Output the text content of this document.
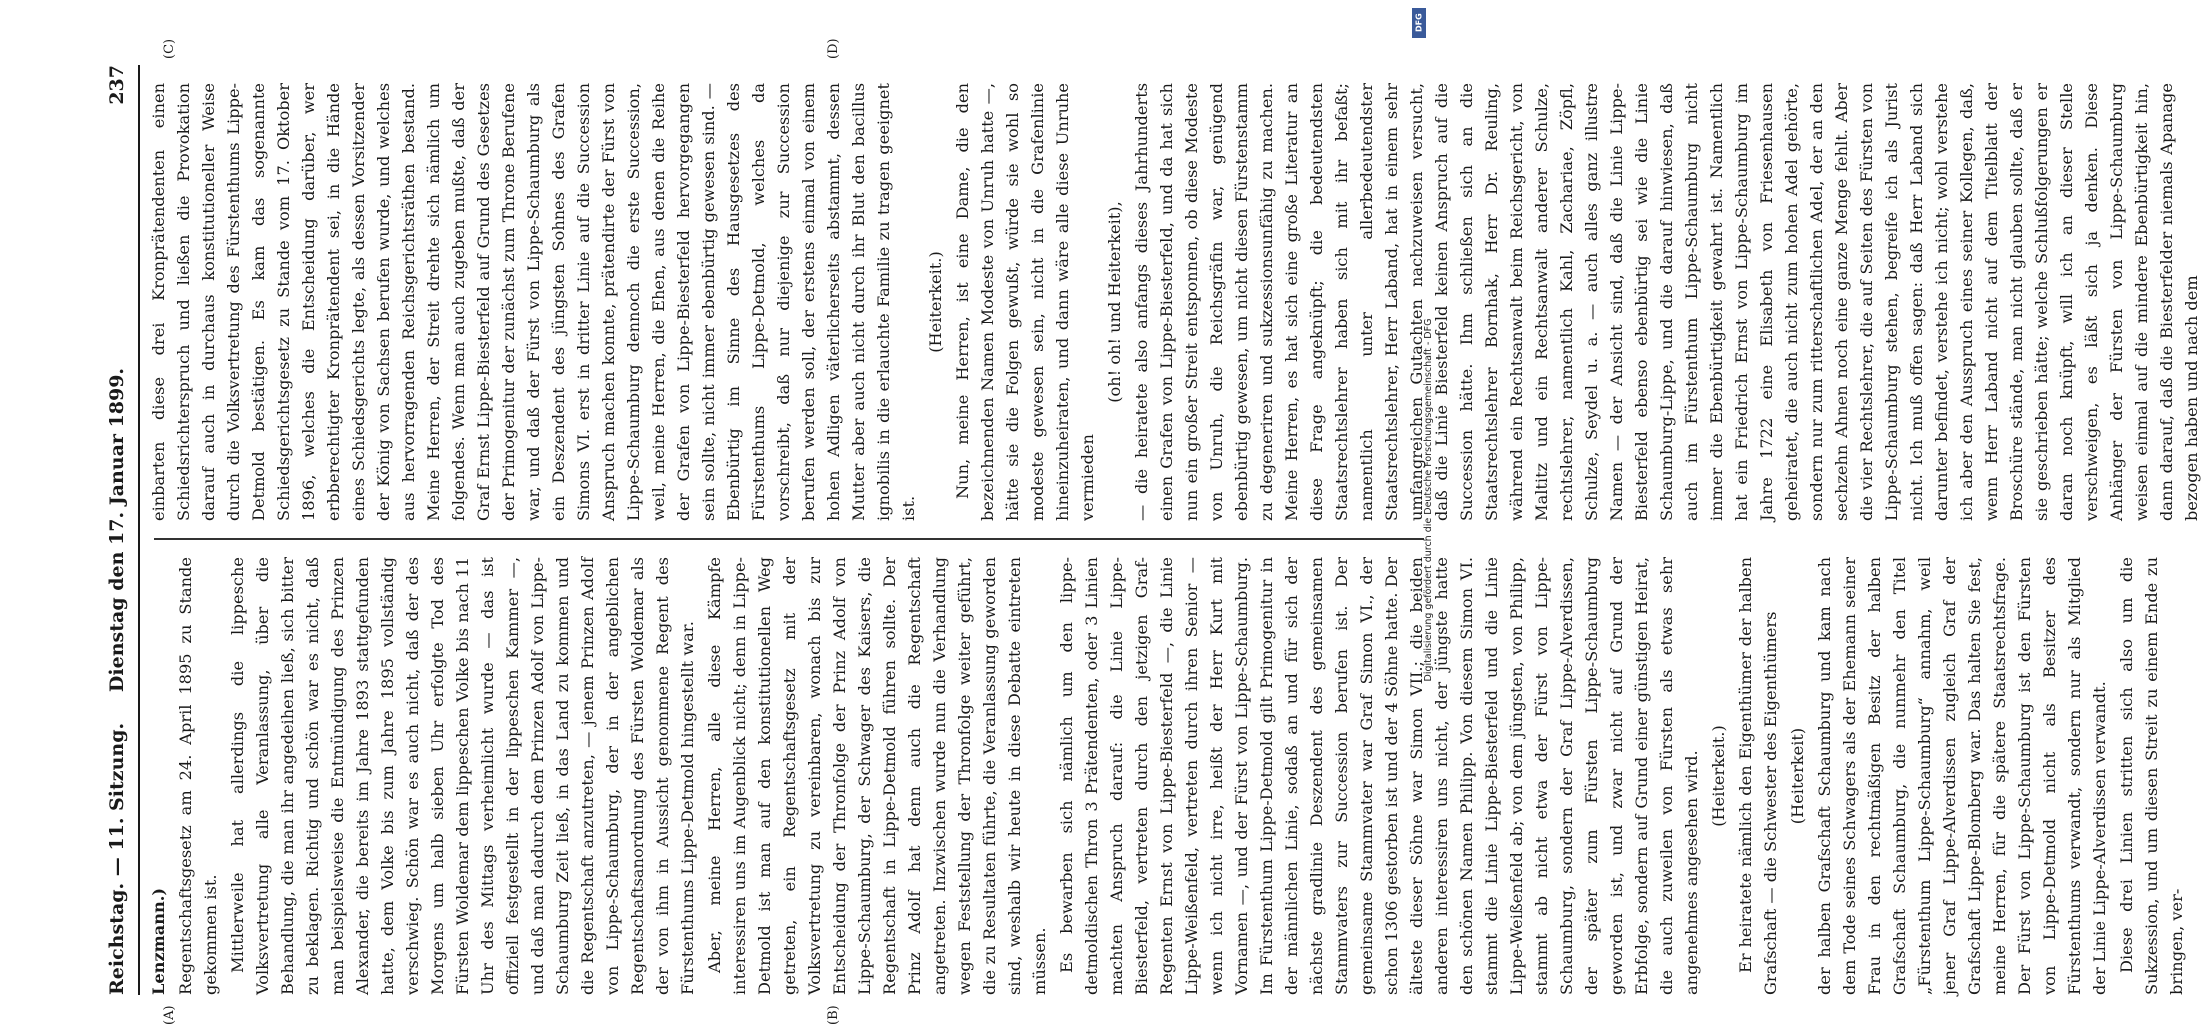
Reichstag. — 11. Sitzung.
Dienstag den 17. Januar 1899.
237
(A)	(B)
(C)	(D)

Lenzmann.) Regentschaftsgesetz am 24. April 1895 zu Stande gekommen ist. Mittlerweile hat allerdings die lippesche Volksvertretung alle Veranlassung, über die Behandlung, die man ihr angedeihen ließ, sich bitter zu beklagen. Richtig und schön war es nicht, daß man beispielsweise die Entmündigung des Prinzen Alexander, die bereits im Jahre 1893 stattgefunden hatte, dem Volke bis zum Jahre 1895 vollständig verschwieg. Schön war es auch nicht, daß der des Morgens um halb sieben Uhr erfolgte Tod des Fürsten Woldemar dem lippeschen Volke bis nach 11 Uhr des Mittags verheimlicht wurde — das ist offiziell festgestellt in der lippeschen Kammer —, und daß man dadurch dem Prinzen Adolf von Lippe-Schaumburg Zeit ließ, in das Land zu kommen und die Regentschaft anzutreten, — jenem Prinzen Adolf von Lippe-Schaumburg, der in der angeblichen Regentschaftsanordnung des Fürsten Woldemar als der von ihm in Aussicht genommene Regent des Fürstenthums Lippe-Detmold hingestellt war. Aber, meine Herren, alle diese Kämpfe interessiren uns im Augenblick nicht; denn in Lippe-Detmold ist man auf den konstitutionellen Weg getreten, ein Regentschaftsgesetz mit der Volksvertretung zu vereinbaren, wonach bis zur Entscheidung der Thronfolge der Prinz Adolf von Lippe-Schaumburg, der Schwager des Kaisers, die Regentschaft in Lippe-Detmold führen sollte. Der Prinz Adolf hat denn auch die Regentschaft angetreten. Inzwischen wurde nun die Verhandlung wegen Feststellung der Thronfolge weiter geführt, die zu Resultaten führte, die Veranlassung geworden sind, weshalb wir heute in diese Debatte eintreten müssen. Es bewarben sich nämlich um den lippe-detmoldischen Thron 3 Prätendenten, oder 3 Linien machten Anspruch darauf: die Linie Lippe-Biesterfeld, vertreten durch den jetzigen Graf-Regenten Ernst von Lippe-Biesterfeld —, die Linie Lippe-Weißenfeld, vertreten durch ihren Senior — wenn ich nicht irre, heißt der Herr Kurt mit Vornamen —, und der Fürst von Lippe-Schaumburg. Im Fürstenthum Lippe-Detmold gilt Primogenitur in der männlichen Linie, sodaß an und für sich der nächste gradlinie Deszendent des gemeinsamen Stammvaters zur Succession berufen ist. Der gemeinsame Stammvater war Graf Simon VI., der schon 1306 gestorben ist und der 4 Söhne hatte. Der älteste dieser Söhne war Simon VII.; die beiden anderen interessiren uns nicht, der jüngste hatte den schönen Namen Philipp. Von diesem Simon VI. stammt die Linie Lippe-Biesterfeld und die Linie Lippe-Weißenfeld ab; von dem jüngsten, von Philipp, stammt ab nicht etwa der Fürst von Lippe-Schaumburg, sondern der Graf Lippe-Alverdissen, der später zum Fürsten Lippe-Schaumburg geworden ist, und zwar nicht auf Grund der Erbfolge, sondern auf Grund einer günstigen Heirat, die auch zuweilen von Fürsten als etwas sehr angenehmes angesehen wird. (Heiterkeit.) Er heiratete nämlich den Eigenthümer der halben Grafschaft — die Schwester des Eigenthümers (Heiterkeit) der halben Grafschaft Schaumburg und kam nach dem Tode seines Schwagers als der Ehemann seiner Frau in den rechtmäßigen Besitz der halben Grafschaft Schaumburg, die nunmehr den Titel „Fürstenthum Lippe-Schaumburg“ annahm, weil jener Graf Lippe-Alverdissen zugleich Graf der Grafschaft Lippe-Blomberg war. Das halten Sie fest, meine Herren, für die spätere Staatsrechtsfrage. Der Fürst von Lippe-Schaumburg ist den Fürsten von Lippe-Detmold nicht als Besitzer des Fürstenthums verwandt, sondern nur als Mitglied der Linie Lippe-Alverdissen verwandt. Diese drei Linien stritten sich also um die Sukzession, und um diesen Streit zu einem Ende zu bringen, ver-

einbarten diese drei Kronprätendenten einen Schiedsrichterspruch und ließen die Provokation darauf auch in durchaus konstitutioneller Weise durch die Volksvertretung des Fürstenthums Lippe-Detmold bestätigen. Es kam das sogenannte Schiedsgerichtsgesetz zu Stande vom 17. Oktober 1896, welches die Entscheidung darüber, wer erbberechtigter Kronprätendent sei, in die Hände eines Schiedsgerichts legte, als dessen Vorsitzender der König von Sachsen berufen wurde, und welches aus hervorragenden Reichsgerichtsräthen bestand. Meine Herren, der Streit drehte sich nämlich um folgendes. Wenn man auch zugeben mußte, daß der Graf Ernst Lippe-Biesterfeld auf Grund des Gesetzes der Primogenitur der zunächst zum Throne Berufene war, und daß der Fürst von Lippe-Schaumburg als ein Deszendent des jüngsten Sohnes des Grafen Simons VI. erst in dritter Linie auf die Succession Anspruch machen konnte, prätendirte der Fürst von Lippe-Schaumburg dennoch die erste Succession, weil, meine Herren, die Ehen, aus denen die Reihe der Grafen von Lippe-Biesterfeld hervorgegangen sein sollte, nicht immer ebenbürtig gewesen sind. — Ebenbürtig im Sinne des Hausgesetzes des Fürstenthums Lippe-Detmold, welches da vorschreibt, daß nur diejenige zur Succession berufen werden soll, der erstens einmal von einem hohen Adligen väterlicherseits abstammt, dessen Mutter aber auch nicht durch ihr Blut den bacillus ignobilis in die erlauchte Familie zu tragen geeignet ist.

(Heiterkeit.) Nun, meine Herren, ist eine Dame, die den bezeichnenden Namen Modeste von Unruh hatte —, hätte sie die Folgen gewußt, würde sie wohl so modeste gewesen sein, nicht in die Grafenlinie hineinzuheiraten, und dann wäre alle diese Unruhe vermieden

(oh! oh! und Heiterkeit), — die heiratete also anfangs dieses Jahrhunderts einen Grafen von Lippe-Biesterfeld, und da hat sich nun ein großer Streit entsponnen, ob diese Modeste von Unruh, die Reichsgräfin war, genügend ebenbürtig gewesen, um nicht diesen Fürstenstamm zu degeneriren und sukzessionsunfähig zu machen. Meine Herren, es hat sich eine große Literatur an diese Frage angeknüpft; die bedeutendsten Staatsrechtslehrer haben sich mit ihr befaßt; namentlich unter allerbedeutendster Staatsrechtslehrer, Herr Laband, hat in einem sehr umfangreichen Gutachten nachzuweisen versucht, daß die Linie Biesterfeld keinen Anspruch auf die Succession hätte. Ihm schließen sich an die Staatsrechtslehrer Bornhak, Herr Dr. Reuling, während ein Rechtsanwalt beim Reichsgericht, von Maltitz und ein Rechtsanwalt anderer Schulze, rechtslehrer, namentlich Kahl, Zachariae, Zöpfl, Schulze, Seydel u. a. — auch alles ganz illustre Namen — der Ansicht sind, daß die Linie Lippe-Biesterfeld ebenso ebenbürtig sei wie die Linie Schaumburg-Lippe, und die darauf hinwiesen, daß auch im Fürstenthum Lippe-Schaumburg nicht immer die Ebenbürtigkeit gewahrt ist. Namentlich hat ein Friedrich Ernst von Lippe-Schaumburg im Jahre 1722 eine Elisabeth von Friesenhausen geheiratet, die auch nicht zum hohen Adel gehörte, sondern nur zum ritterschaftlichen Adel, der an den sechzehn Ahnen noch eine ganze Menge fehlt. Aber die vier Rechtslehrer, die auf Seiten des Fürsten von Lippe-Schaumburg stehen, begreife ich als Jurist nicht. Ich muß offen sagen: daß Herr Laband sich darunter befindet, verstehe ich nicht; wohl verstehe ich aber den Ausspruch eines seiner Kollegen, daß, wenn Herr Laband nicht auf dem Titelblatt der Broschüre stände, man nicht glauben sollte, daß er sie geschrieben hätte; welche Schlußfolgerungen er daran noch knüpft, will ich an dieser Stelle verschweigen, es läßt sich ja denken. Diese Anhänger der Fürsten von Lippe-Schaumburg weisen einmal auf die mindere Ebenbürtigkeit hin, dann darauf, daß die Biesterfelder niemals Apanage bezogen haben und nach dem

Digitalisierung gefördert durch die Deutsche Forschungsgemeinschaft - DFG
DFG
